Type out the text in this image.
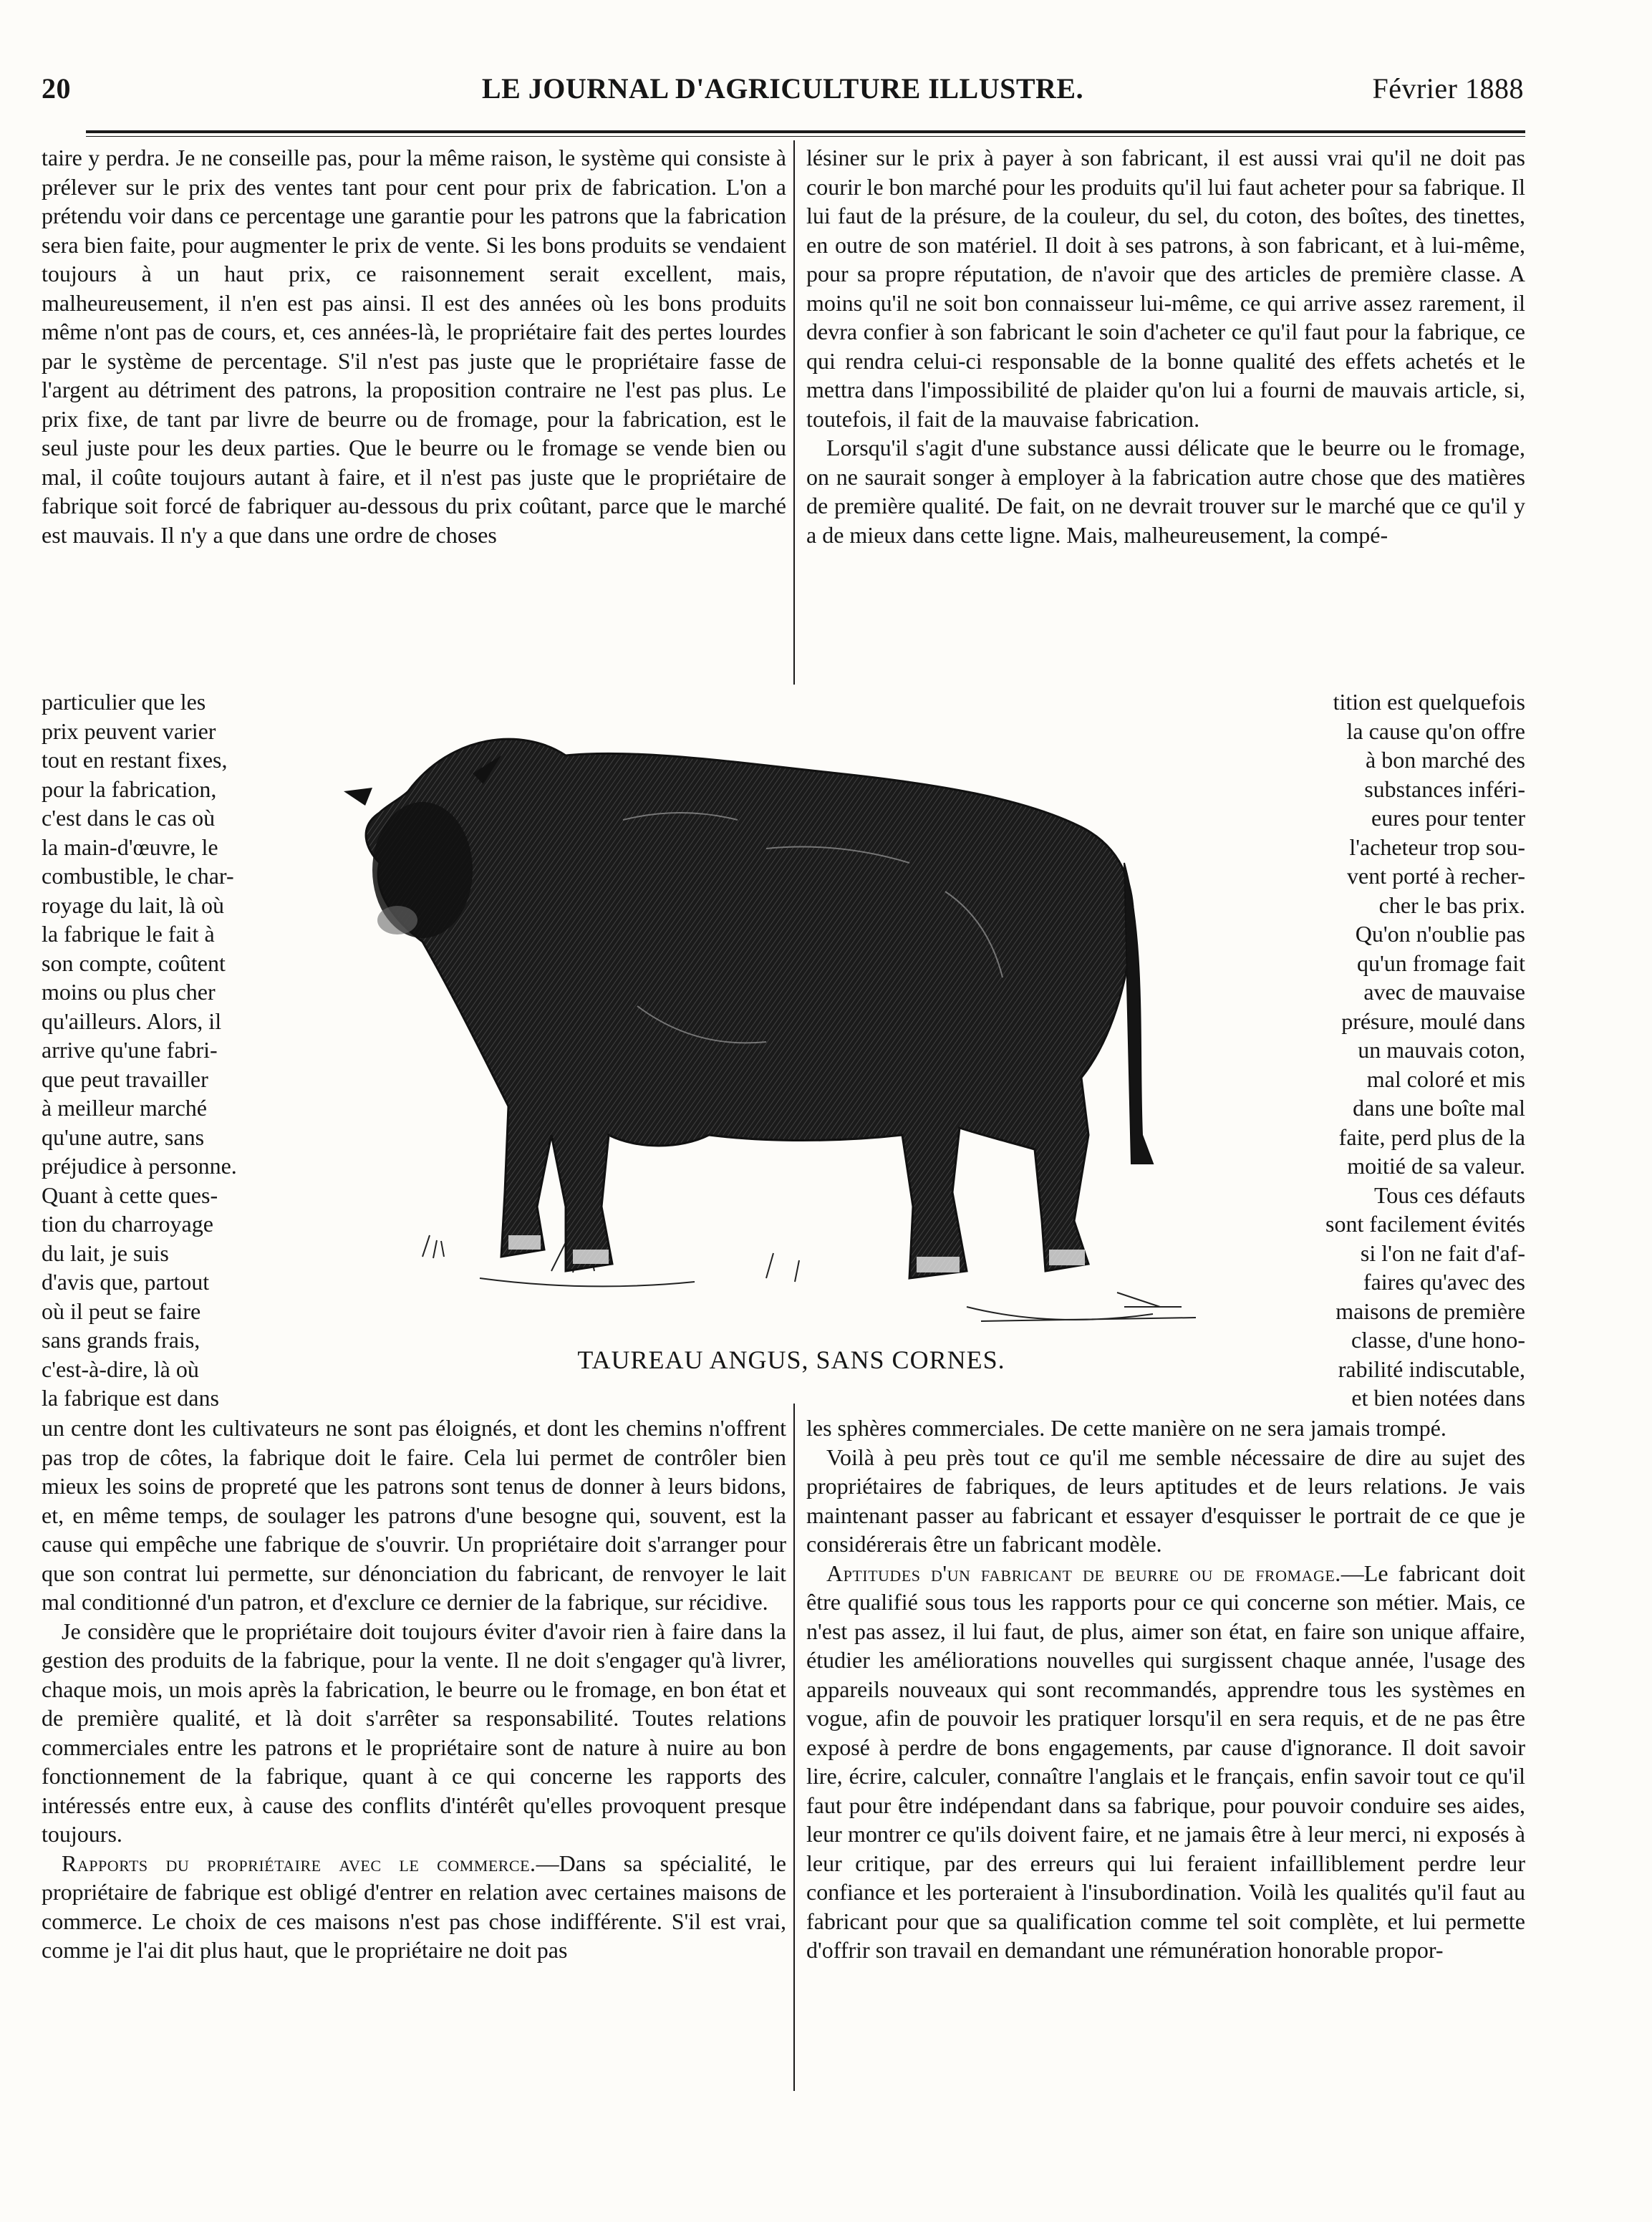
20	LE JOURNAL D'AGRICULTURE ILLUSTRE.	Février 1888

taire y perdra. Je ne conseille pas, pour la même raison, le système qui consiste à prélever sur le prix des ventes tant pour cent pour prix de fabrication. L'on a prétendu voir dans ce percentage une garantie pour les patrons que la fabrication sera bien faite, pour augmenter le prix de vente. Si les bons produits se vendaient toujours à un haut prix, ce raisonnement serait excellent, mais, malheureusement, il n'en est pas ainsi. Il est des années où les bons produits même n'ont pas de cours, et, ces années-là, le propriétaire fait des pertes lourdes par le système de percentage. S'il n'est pas juste que le propriétaire fasse de l'argent au détriment des patrons, la proposition contraire ne l'est pas plus. Le prix fixe, de tant par livre de beurre ou de fromage, pour la fabrication, est le seul juste pour les deux parties. Que le beurre ou le fromage se vende bien ou mal, il coûte toujours autant à faire, et il n'est pas juste que le propriétaire de fabrique soit forcé de fabriquer au-dessous du prix coûtant, parce que le marché est mauvais. Il n'y a que dans une ordre de choses

lésiner sur le prix à payer à son fabricant, il est aussi vrai qu'il ne doit pas courir le bon marché pour les produits qu'il lui faut acheter pour sa fabrique. Il lui faut de la présure, de la couleur, du sel, du coton, des boîtes, des tinettes, en outre de son matériel. Il doit à ses patrons, à son fabricant, et à lui-même, pour sa propre réputation, de n'avoir que des articles de première classe. A moins qu'il ne soit bon connaisseur lui-même, ce qui arrive assez rarement, il devra confier à son fabricant le soin d'acheter ce qu'il faut pour la fabrique, ce qui rendra celui-ci responsable de la bonne qualité des effets achetés et le mettra dans l'impossibilité de plaider qu'on lui a fourni de mauvais article, si, toutefois, il fait de la mauvaise fabrication.

Lorsqu'il s'agit d'une substance aussi délicate que le beurre ou le fromage, on ne saurait songer à employer à la fabrication autre chose que des matières de première qualité. De fait, on ne devrait trouver sur le marché que ce qu'il y a de mieux dans cette ligne. Mais, malheureusement, la compé-

particulier que les
prix peuvent varier
tout en restant fixes,
pour la fabrication,
c'est dans le cas où
la main-d'œuvre, le
combustible, le char-
royage du lait, là où
la fabrique le fait à
son compte, coûtent
moins ou plus cher
qu'ailleurs. Alors, il
arrive qu'une fabri-
que peut travailler
à meilleur marché
qu'une autre, sans
préjudice à personne.
Quant à cette ques-
tion du charroyage
du lait, je suis
d'avis que, partout
où il peut se faire
sans grands frais,
c'est-à-dire, là où
la fabrique est dans
tition est quelquefois
la cause qu'on offre
à bon marché des
substances inféri-
eures pour tenter
l'acheteur trop sou-
vent porté à recher-
cher le bas prix.
Qu'on n'oublie pas
qu'un fromage fait
avec de mauvaise
présure, moulé dans
un mauvais coton,
mal coloré et mis
dans une boîte mal
faite, perd plus de la
moitié de sa valeur.
Tous ces défauts
sont facilement évités
si l'on ne fait d'af-
faires qu'avec des
maisons de première
classe, d'une hono-
rabilité indiscutable,
et bien notées dans
TAUREAU ANGUS, SANS CORNES.

un centre dont les cultivateurs ne sont pas éloignés, et dont les chemins n'offrent pas trop de côtes, la fabrique doit le faire. Cela lui permet de contrôler bien mieux les soins de propreté que les patrons sont tenus de donner à leurs bidons, et, en même temps, de soulager les patrons d'une besogne qui, souvent, est la cause qui empêche une fabrique de s'ouvrir. Un propriétaire doit s'arranger pour que son contrat lui permette, sur dénonciation du fabricant, de renvoyer le lait mal conditionné d'un patron, et d'exclure ce dernier de la fabrique, sur récidive.

Je considère que le propriétaire doit toujours éviter d'avoir rien à faire dans la gestion des produits de la fabrique, pour la vente. Il ne doit s'engager qu'à livrer, chaque mois, un mois après la fabrication, le beurre ou le fromage, en bon état et de première qualité, et là doit s'arrêter sa responsabilité. Toutes relations commerciales entre les patrons et le propriétaire sont de nature à nuire au bon fonctionnement de la fabrique, quant à ce qui concerne les rapports des intéressés entre eux, à cause des conflits d'intérêt qu'elles provoquent presque toujours.

Rapports du propriétaire avec le commerce.—Dans sa spécialité, le propriétaire de fabrique est obligé d'entrer en relation avec certaines maisons de commerce. Le choix de ces maisons n'est pas chose indifférente. S'il est vrai, comme je l'ai dit plus haut, que le propriétaire ne doit pas

les sphères commerciales. De cette manière on ne sera jamais trompé.

Voilà à peu près tout ce qu'il me semble nécessaire de dire au sujet des propriétaires de fabriques, de leurs aptitudes et de leurs relations. Je vais maintenant passer au fabricant et essayer d'esquisser le portrait de ce que je considérerais être un fabricant modèle.

Aptitudes d'un fabricant de beurre ou de fromage.—Le fabricant doit être qualifié sous tous les rapports pour ce qui concerne son métier. Mais, ce n'est pas assez, il lui faut, de plus, aimer son état, en faire son unique affaire, étudier les améliorations nouvelles qui surgissent chaque année, l'usage des appareils nouveaux qui sont recommandés, apprendre tous les systèmes en vogue, afin de pouvoir les pratiquer lorsqu'il en sera requis, et de ne pas être exposé à perdre de bons engagements, par cause d'ignorance. Il doit savoir lire, écrire, calculer, connaître l'anglais et le français, enfin savoir tout ce qu'il faut pour être indépendant dans sa fabrique, pour pouvoir conduire ses aides, leur montrer ce qu'ils doivent faire, et ne jamais être à leur merci, ni exposés à leur critique, par des erreurs qui lui feraient infailliblement perdre leur confiance et les porteraient à l'insubordination. Voilà les qualités qu'il faut au fabricant pour que sa qualification comme tel soit complète, et lui permette d'offrir son travail en demandant une rémunération honorable propor-
